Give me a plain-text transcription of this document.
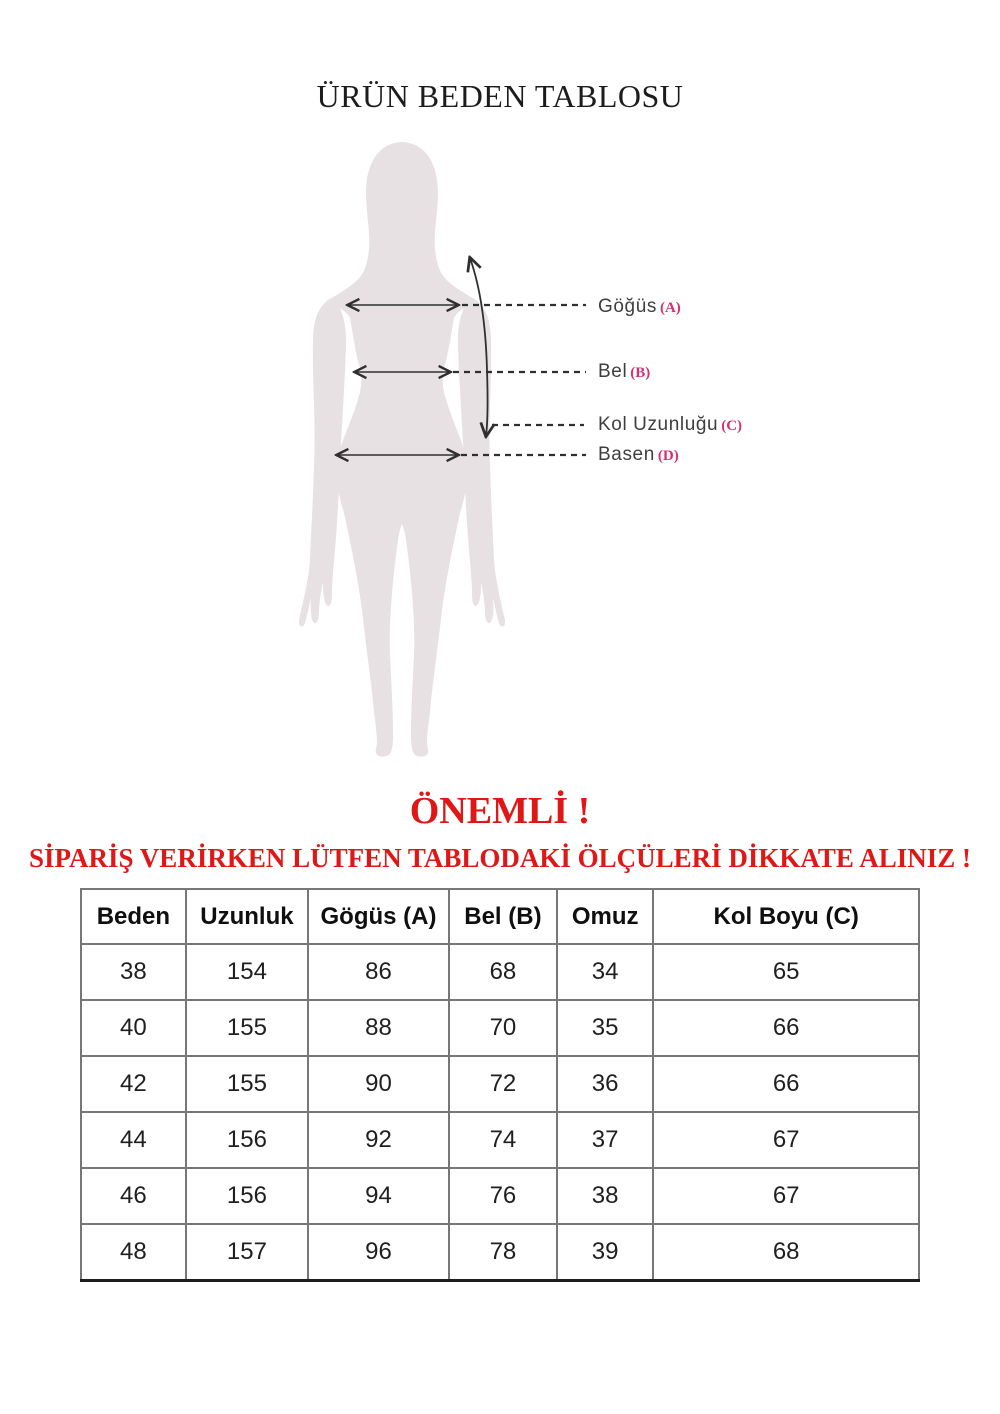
ÜRÜN BEDEN TABLOSU
Göğüs (A)
Bel (B)
Kol Uzunluğu (C)
Basen (D)
ÖNEMLİ !
SİPARİŞ VERİRKEN LÜTFEN TABLODAKİ ÖLÇÜLERİ DİKKATE ALINIZ !
Beden	Uzunluk	Gögüs (A)	Bel (B)	Omuz	Kol Boyu (C)
38	154	86	68	34	65
40	155	88	70	35	66
42	155	90	72	36	66
44	156	92	74	37	67
46	156	94	76	38	67
48	157	96	78	39	68
